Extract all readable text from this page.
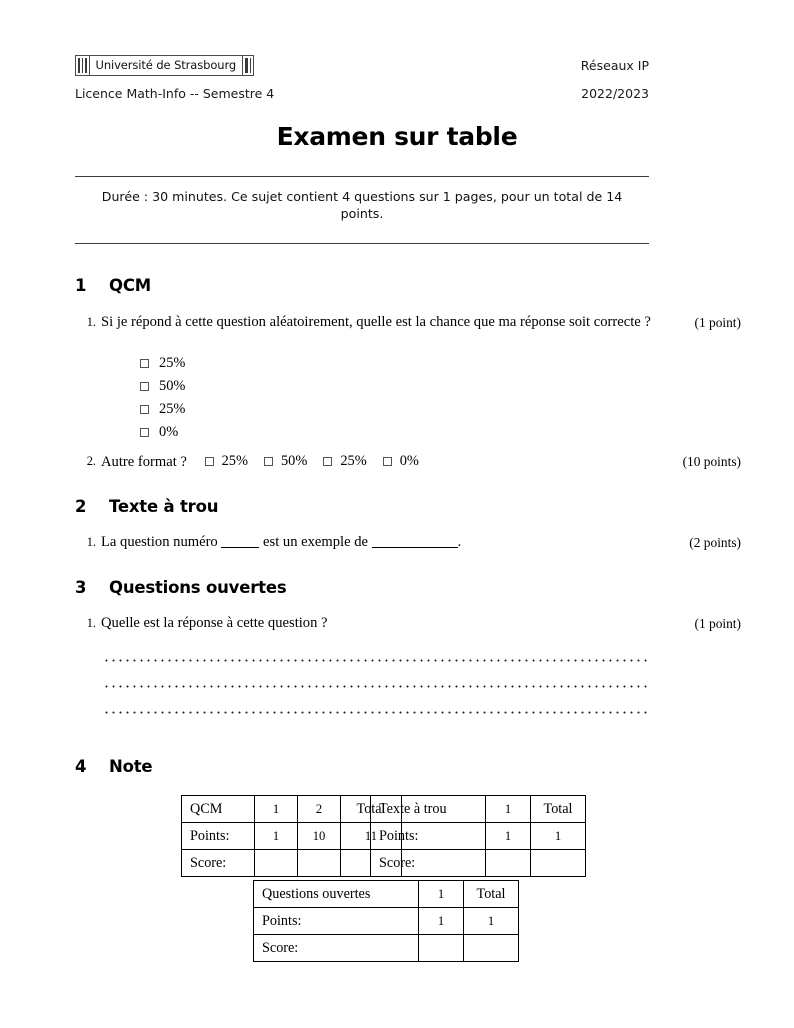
Université de Strasbourg	Réseaux IP
Licence Math-Info -- Semestre 4	2022/2023
Examen sur table
Durée : 30 minutes. Ce sujet contient 4 questions sur 1 pages, pour un total de 14 points.
1 QCM
1. Si je répond à cette question aléatoirement, quelle est la chance que ma réponse soit correcte ?	(1 point)
25%
50%
25%
0%
2. Autre format ? 25% 50% 25% 0%	(10 points)
2 Texte à trou
1. La question numéro	est un exemple de	.	(2 points)
3 Questions ouvertes
1. Quelle est la réponse à cette question ?	(1 point)
4 Note
QCM	1	2	Total
Points:	1	10	11
Score:			
Texte à trou	1	Total
Points:	1	1
Score:		
Questions ouvertes	1	Total
Points:	1	1
Score:		
